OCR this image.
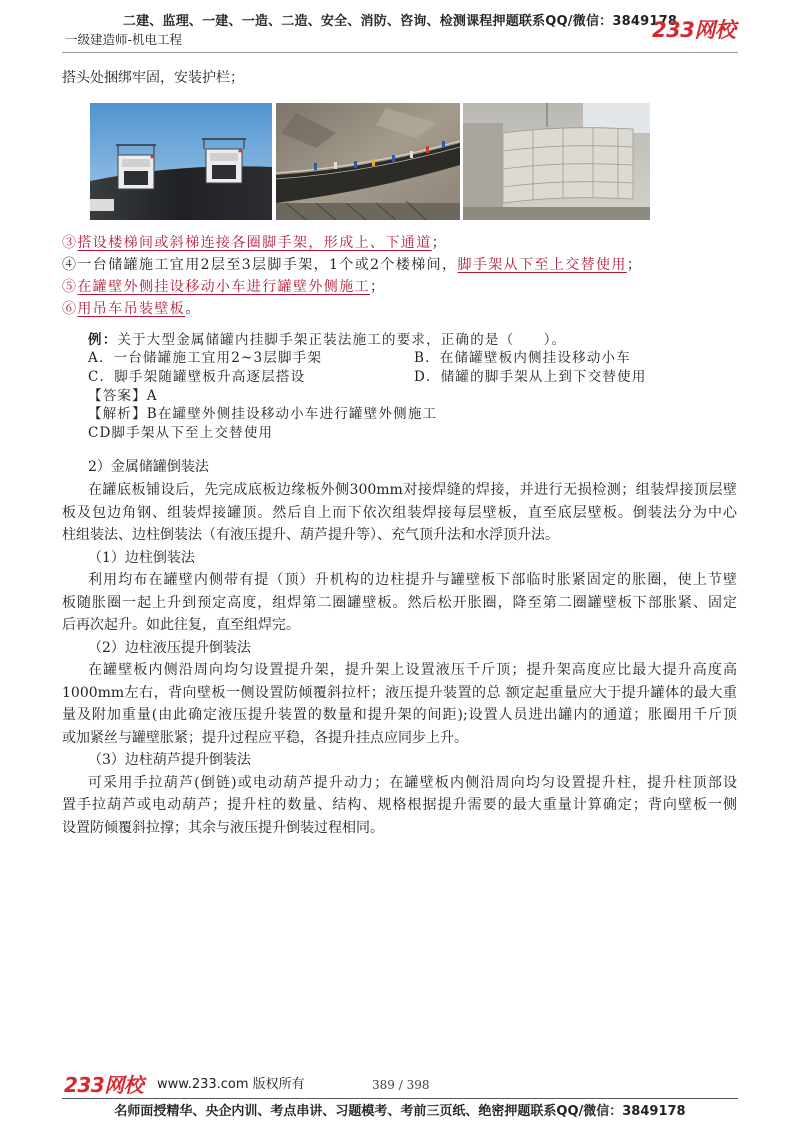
二建、监理、一建、一造、二造、安全、消防、咨询、检测课程押题联系QQ/微信：3849178
一级建造师-机电工程	233网校
搭头处捆绑牢固，安装护栏；
③搭设楼梯间或斜梯连接各圈脚手架，形成上、下通道；
④一台储罐施工宜用2层至3层脚手架，1个或2个楼梯间，脚手架从下至上交替使用；
⑤在罐壁外侧挂设移动小车进行罐壁外侧施工；
⑥用吊车吊装壁板。
例：关于大型金属储罐内挂脚手架正装法施工的要求，正确的是（　　）。
A．一台储罐施工宜用2~3层脚手架	B．在储罐壁板内侧挂设移动小车
C．脚手架随罐壁板升高逐层搭设	D．储罐的脚手架从上到下交替使用
【答案】A
【解析】B在罐壁外侧挂设移动小车进行罐壁外侧施工
CD脚手架从下至上交替使用
2）金属储罐倒装法
在罐底板铺设后，先完成底板边缘板外侧300mm对接焊缝的焊接，并进行无损检测；组装焊接顶层壁
板及包边角钢、组装焊接罐顶。然后自上而下依次组装焊接每层壁板，直至底层壁板。倒装法分为中心
柱组装法、边柱倒装法（有液压提升、葫芦提升等）、充气顶升法和水浮顶升法。
（1）边柱倒装法
利用均布在罐壁内侧带有提（顶）升机构的边柱提升与罐壁板下部临时胀紧固定的胀圈，使上节壁
板随胀圈一起上升到预定高度，组焊第二圈罐壁板。然后松开胀圈，降至第二圈罐壁板下部胀紧、固定
后再次起升。如此往复，直至组焊完。
（2）边柱液压提升倒装法
在罐壁板内侧沿周向均匀设置提升架，提升架上设置液压千斤顶；提升架高度应比最大提升高度高
1000mm左右，背向壁板一侧设置防倾覆斜拉杆；液压提升装置的总 额定起重量应大于提升罐体的最大重
量及附加重量(由此确定液压提升装置的数量和提升架的间距);设置人员进出罐内的通道；胀圈用千斤顶
或加紧丝与罐壁胀紧；提升过程应平稳，各提升挂点应同步上升。
（3）边柱葫芦提升倒装法
可采用手拉葫芦(倒链)或电动葫芦提升动力；在罐壁板内侧沿周向均匀设置提升柱，提升柱顶部设
置手拉葫芦或电动葫芦；提升柱的数量、结构、规格根据提升需要的最大重量计算确定；背向壁板一侧
设置防倾覆斜拉撑；其余与液压提升倒装过程相同。
233网校 www.233.com 版权所有	389 / 398
名师面授精华、央企内训、考点串讲、习题模考、考前三页纸、绝密押题联系QQ/微信：3849178
